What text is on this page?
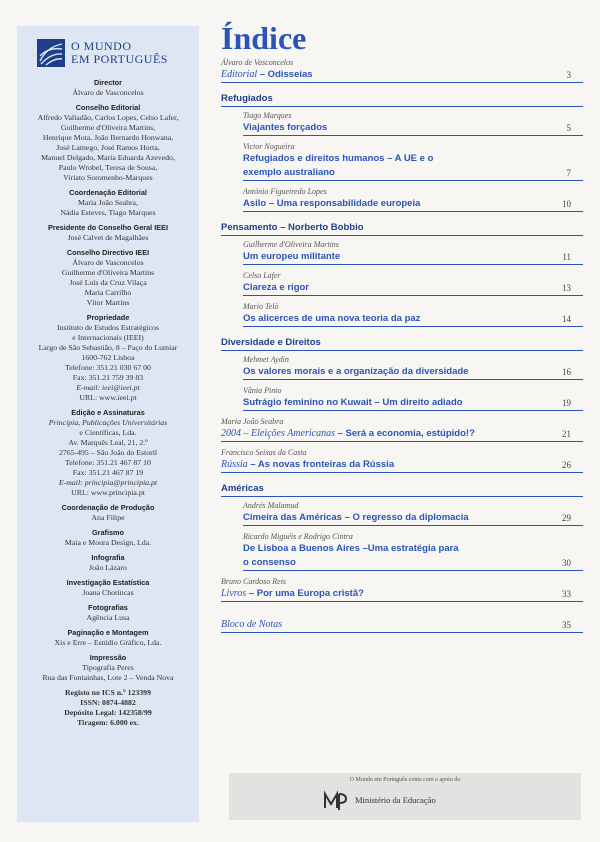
O MUNDO
EM PORTUGUÊS
Director
Álvaro de Vasconcelos
Conselho Editorial
Alfredo Valladão, Carlos Lopes, Celso Lafer,
Guilherme d'Oliveira Martins,
Henrique Mota, João Bernardo Honwana,
José Lamego, José Ramos Horta,
Manuel Delgado, Maria Eduarda Azevedo,
Paulo Wrobel, Teresa de Sousa,
Viriato Soromenho-Marques
Coordenação Editorial
Maria João Seabra,
Nádia Esteves, Tiago Marques
Presidente do Conselho Geral IEEI
José Calvet de Magalhães
Conselho Directivo IEEI
Álvaro de Vasconcelos
Guilherme d'Oliveira Martins
José Luís da Cruz Vilaça
Maria Carrilho
Vítor Martins
Propriedade
Instituto de Estudos Estratégicos
e Internacionais (IEEI)
Largo de São Sebastião, 8 – Paço do Lumiar
1600-762 Lisboa
Telefone: 351.21 030 67 00
Fax: 351.21 759 39 83
E-mail: ieei@ieei.pt
URL: www.ieei.pt
Edição e Assinaturas
Principia, Publicações Universitárias
e Científicas, Lda.
Av. Marquês Leal, 21, 2.º
2765-495 – São João do Estoril
Telefone: 351.21 467 87 10
Fax: 351.21 467 87 19
E-mail: principia@principia.pt
URL: www.principia.pt
Coordenação de Produção
Ana Filipe
Grafismo
Maia e Moura Design, Lda.
Infografia
João Lázaro
Investigação Estatística
Joana Chorincas
Fotografias
Agência Lusa
Paginação e Montagem
Xis e Erre – Estúdio Gráfico, Lda.
Impressão
Tipografia Peres
Rua das Fontainhas, Lote 2 – Venda Nova
Registo no ICS n.º 123399
ISSN: 0874-4882
Depósito Legal: 142358/99
Tiragem: 6.000 ex.
Índice
Álvaro de Vasconcelos
Editorial – Odisseias	3
Refugiados
Tiago Marques
Viajantes forçados	5
Victor Nogueira
Refugiados e direitos humanos – A UE e o
exemplo australiano	7
António Figueiredo Lopes
Asilo – Uma responsabilidade europeia	10
Pensamento – Norberto Bobbio
Guilherme d'Oliveira Martins
Um europeu militante	11
Celso Lafer
Clareza e rigor	13
Mario Telò
Os alicerces de uma nova teoria da paz	14
Diversidade e Direitos
Mehmet Aydin
Os valores morais e a organização da diversidade	16
Vânia Pinto
Sufrágio feminino no Kuwait – Um direito adiado	19
Maria João Seabra
2004 – Eleições Americanas – Será a economia, estúpido!?	21
Francisco Seixas da Costa
Rússia – As novas fronteiras da Rússia	26
Américas
Andrés Malamud
Cimeira das Américas – O regresso da diplomacia	29
Ricardo Miguéis e Rodrigo Cintra
De Lisboa a Buenos Aires –Uma estratégia para
o consenso	30
Bruno Cardoso Reis
Livros – Por uma Europa cristã?	33
Bloco de Notas	35
O Mundo em Português conta com o apoio do
Ministério da Educação
